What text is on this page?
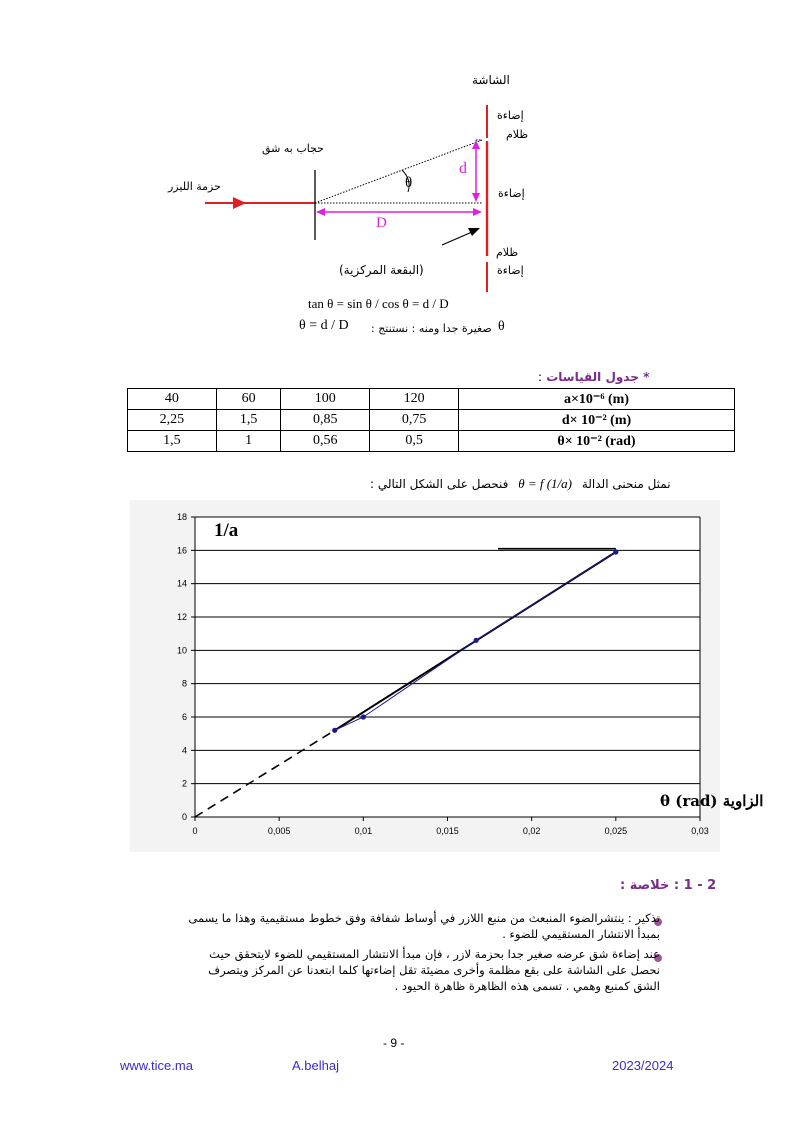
الشاشة
إضاءة
ظلام
إضاءة
ظلام
إضاءة
حجاب به شق
حزمة الليزر	θ
d
D
(البقعة المركزية)
tan θ = sin θ / cos θ = d / D
θ = d / D صغيرة جدا ومنه : نستنتج : θ
* جدول القياسات :
40	60	100	120	a×10⁻⁶ (m)
2,25	1,5	0,85	0,75	d× 10⁻² (m)
1,5	1	0,56	0,5	θ× 10⁻² (rad)
نمثل منحنى الدالة θ = f (1/a) فنحصل على الشكل التالي :
0
2
4
6
8
10
12
14
16
18
0	0,005	0,01	0,015	0,02	0,025	0,03
1/a
الزاوية θ (rad)
2 - 1 : خلاصة :
تذكير : ينتشرالضوء المنبعث من منبع اللازر في أوساط شفافة وفق خطوط مستقيمية وهذا ما يسمى
بمبدأ الانتشار المستقيمي للضوء .
عند إضاءة شق عرضه صغير جدا بحزمة لازر ، فإن مبدأ الانتشار المستقيمي للضوء لايتحقق حيث
نحصل على الشاشة على بقع مظلمة وأخرى مضيئة تقل إضاءتها كلما ابتعدنا عن المركز ويتصرف
الشق كمنبع وهمي . تسمى هذه الظاهرة ظاهرة الحيود .
- 9 -
www.tice.ma	A.belhaj	2023/2024
